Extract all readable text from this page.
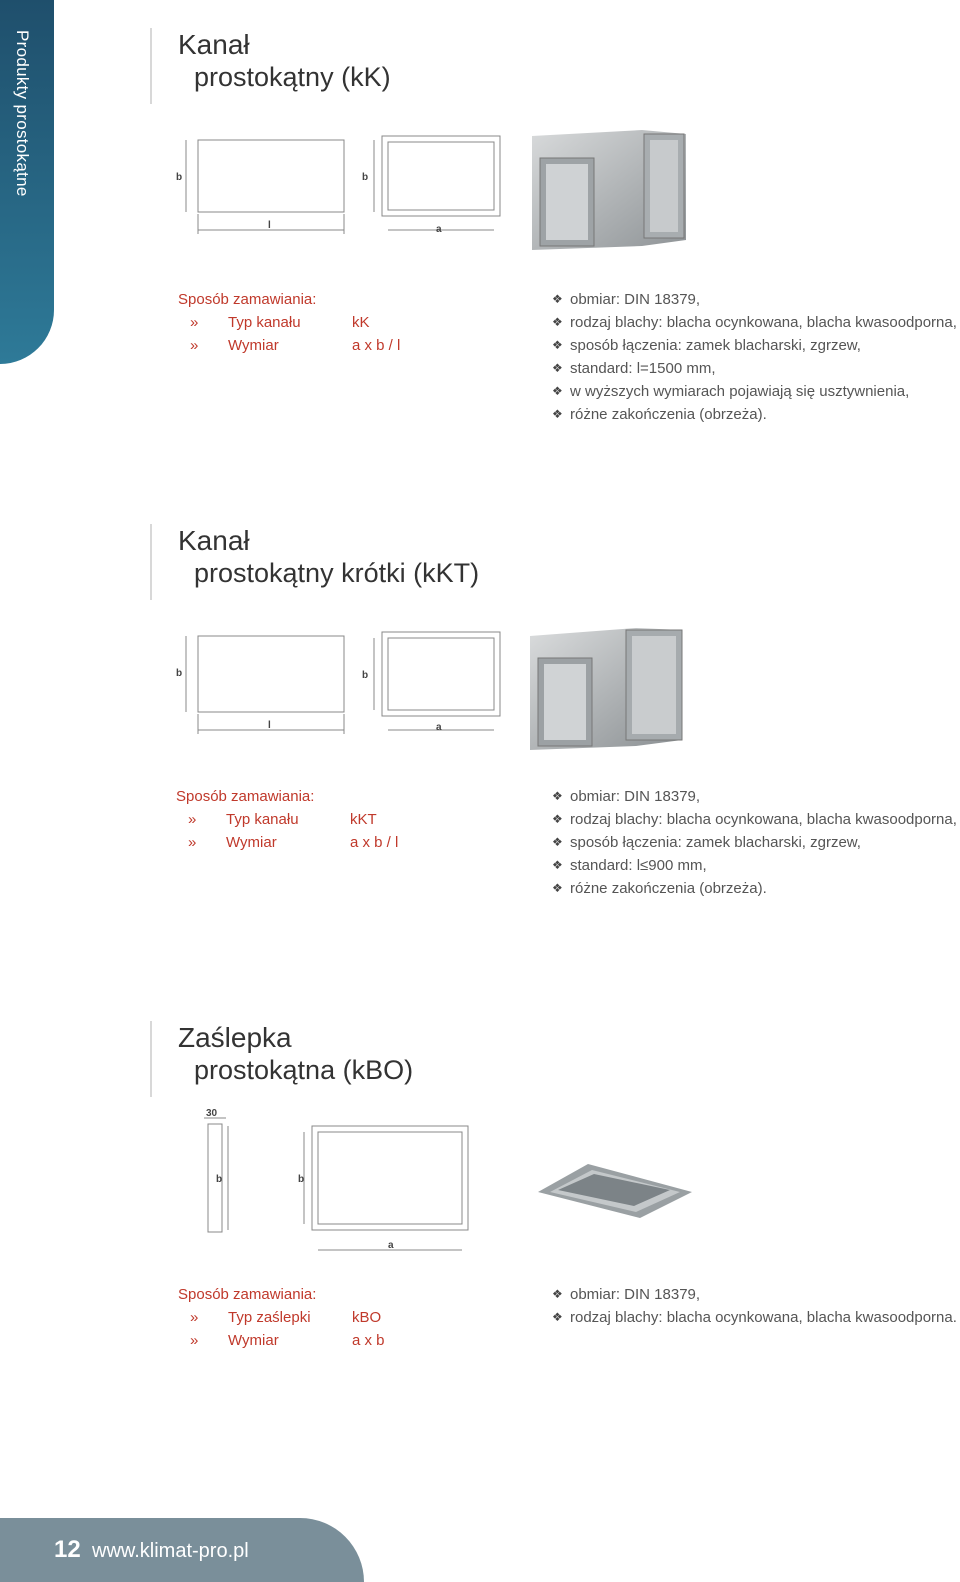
Produkty prostokątne	Kanał
prostokątny (kK)
b
l
b
a
Sposób zamawiania:
»	Typ kanału	kK
»	Wymiar	a x b / l
❖ obmiar: DIN 18379,
❖ rodzaj blachy: blacha ocynkowana, blacha kwasoodporna,
❖ sposób łączenia: zamek blacharski, zgrzew,
❖ standard: l=1500 mm,
❖ w wyższych wymiarach pojawiają się usztywnienia,
❖ różne zakończenia (obrzeża).
Kanał
prostokątny krótki (kKT)
b
l
b
a
Sposób zamawiania:
»	Typ kanału	kKT
»	Wymiar	a x b / l
❖ obmiar: DIN 18379,
❖ rodzaj blachy: blacha ocynkowana, blacha kwasoodporna,
❖ sposób łączenia: zamek blacharski, zgrzew,
❖ standard: l≤900 mm,
❖ różne zakończenia (obrzeża).
Zaślepka
prostokątna (kBO)
30
b	b
a
Sposób zamawiania:
»	Typ zaślepki	kBO
»	Wymiar	a x b
❖ obmiar: DIN 18379,
❖ rodzaj blachy: blacha ocynkowana, blacha kwasoodporna.
12 www.klimat-pro.pl
